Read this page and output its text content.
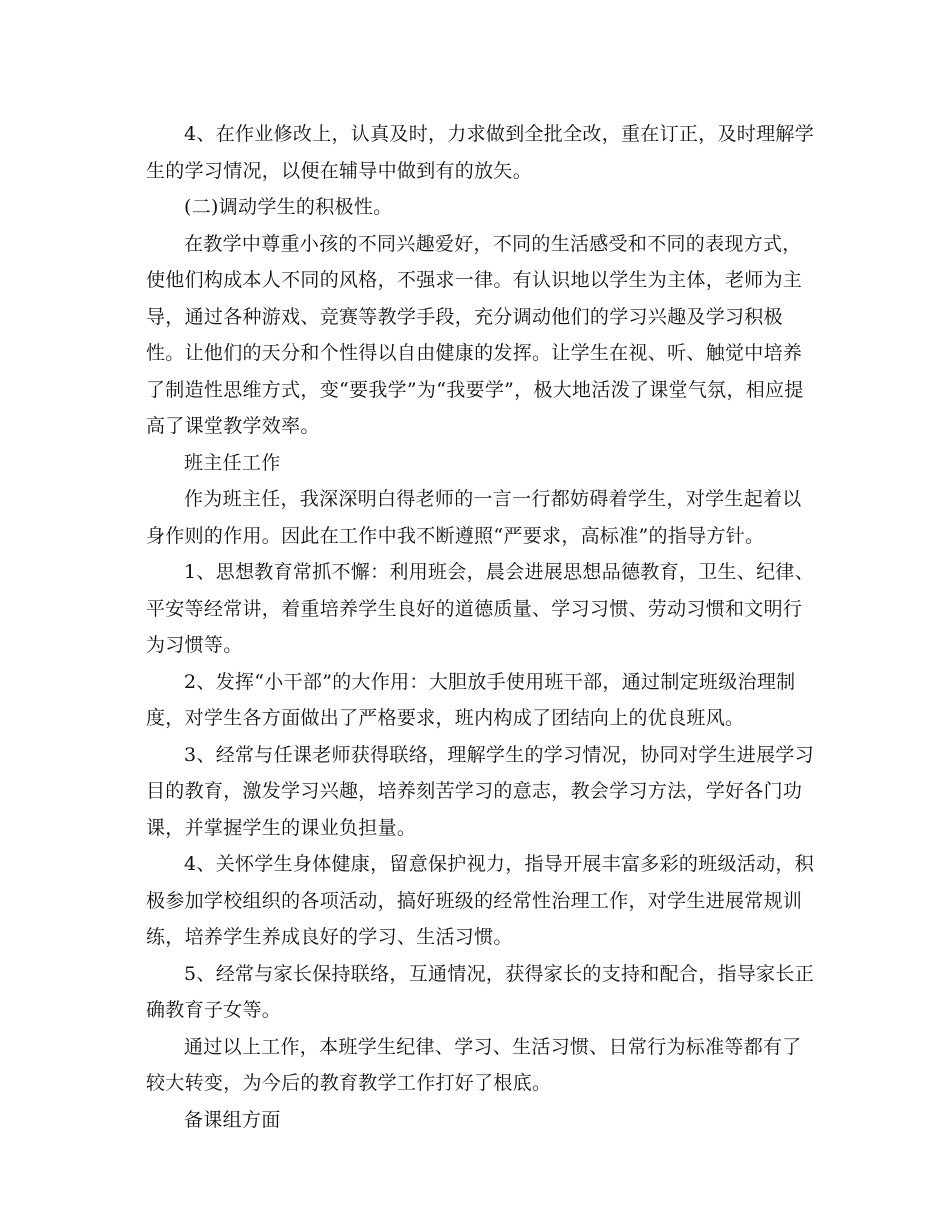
4、在作业修改上，认真及时，力求做到全批全改，重在订正，及时理解学生的学习情况，以便在辅导中做到有的放矢。

(二)调动学生的积极性。

在教学中尊重小孩的不同兴趣爱好，不同的生活感受和不同的表现方式，使他们构成本人不同的风格，不强求一律。有认识地以学生为主体，老师为主导，通过各种游戏、竞赛等教学手段，充分调动他们的学习兴趣及学习积极性。让他们的天分和个性得以自由健康的发挥。让学生在视、听、触觉中培养了制造性思维方式，变“要我学”为“我要学”，极大地活泼了课堂气氛，相应提高了课堂教学效率。

班主任工作

作为班主任，我深深明白得老师的一言一行都妨碍着学生，对学生起着以身作则的作用。因此在工作中我不断遵照“严要求，高标准”的指导方针。

1、思想教育常抓不懈：利用班会，晨会进展思想品德教育，卫生、纪律、平安等经常讲，着重培养学生良好的道德质量、学习习惯、劳动习惯和文明行为习惯等。

2、发挥“小干部”的大作用：大胆放手使用班干部，通过制定班级治理制度，对学生各方面做出了严格要求，班内构成了团结向上的优良班风。

3、经常与任课老师获得联络，理解学生的学习情况，协同对学生进展学习目的教育，激发学习兴趣，培养刻苦学习的意志，教会学习方法，学好各门功课，并掌握学生的课业负担量。

4、关怀学生身体健康，留意保护视力，指导开展丰富多彩的班级活动，积极参加学校组织的各项活动，搞好班级的经常性治理工作，对学生进展常规训练，培养学生养成良好的学习、生活习惯。

5、经常与家长保持联络，互通情况，获得家长的支持和配合，指导家长正确教育子女等。

通过以上工作，本班学生纪律、学习、生活习惯、日常行为标准等都有了较大转变，为今后的教育教学工作打好了根底。

备课组方面
